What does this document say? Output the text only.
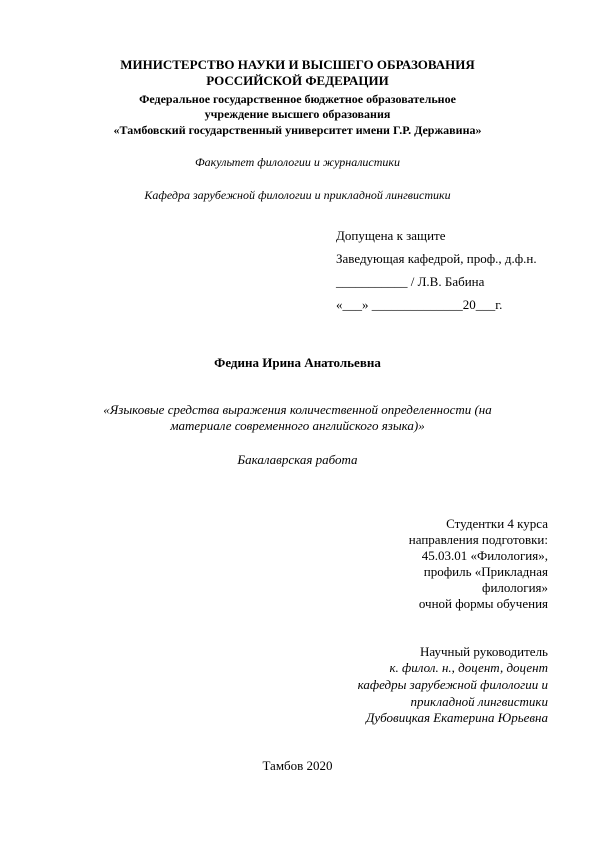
МИНИСТЕРСТВО НАУКИ И ВЫСШЕГО ОБРАЗОВАНИЯ
РОССИЙСКОЙ ФЕДЕРАЦИИ
Федеральное государственное бюджетное образовательное
учреждение высшего образования
«Тамбовский государственный университет имени Г.Р. Державина»
Факультет филологии и журналистики
Кафедра зарубежной филологии и прикладной лингвистики
Допущена к защите
Заведующая кафедрой, проф., д.ф.н.
___________ / Л.В. Бабина
«___» ______________20___г.
Федина Ирина Анатольевна
«Языковые средства выражения количественной определенности (на
материале современного английского языка)»
Бакалаврская работа
Студентки 4 курса
направления подготовки:
45.03.01 «Филология»,
профиль «Прикладная
филология»
очной формы обучения
Научный руководитель
к. филол. н., доцент, доцент
кафедры зарубежной филологии и
прикладной лингвистики
Дубовицкая Екатерина Юрьевна
Тамбов 2020
